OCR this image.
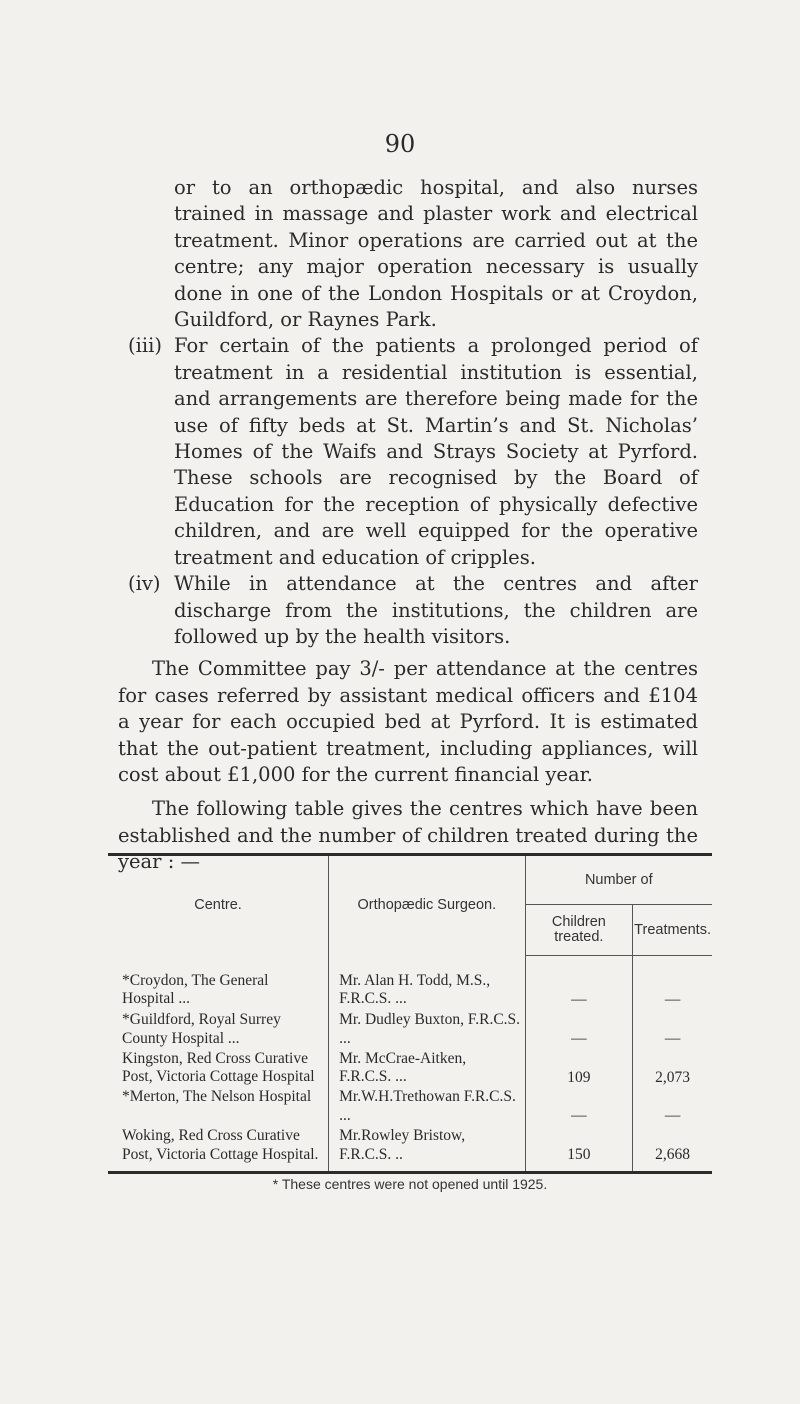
90

or to an orthopædic hospital, and also nurses trained in massage and plaster work and electrical treatment. Minor operations are carried out at the centre; any major operation necessary is usually done in one of the London Hospitals or at Croydon, Guildford, or Raynes Park.

(iii) For certain of the patients a prolonged period of treatment in a residential institution is essential, and arrangements are therefore being made for the use of fifty beds at St. Martin’s and St. Nicholas’ Homes of the Waifs and Strays Society at Pyrford. These schools are recognised by the Board of Education for the reception of physically defective children, and are well equipped for the operative treatment and education of cripples.

(iv) While in attendance at the centres and after discharge from the institutions, the children are followed up by the health visitors.

The Committee pay 3/- per attendance at the centres for cases referred by assistant medical officers and £104 a year for each occupied bed at Pyrford. It is estimated that the out-patient treatment, including appliances, will cost about £1,000 for the current financial year.

The following table gives the centres which have been established and the number of children treated during the year : —

Centre.	Orthopædic Surgeon.	Number of	
		Children treated.	Treatments.
*Croydon, The General Hospital ...	Mr. Alan H. Todd, M.S., F.R.C.S. ...	—	—

*Guildford, Royal Surrey County Hospital ...	Mr. Dudley Buxton, F.R.C.S. ...	—	—

Kingston, Red Cross Curative Post, Victoria Cottage Hospital	Mr. McCrae-Aitken, F.R.C.S. ...	109	2,073

*Merton, The Nelson Hospital	Mr.W.H.Trethowan F.R.C.S. ...	—	—

Woking, Red Cross Curative Post, Victoria Cottage Hospital.	Mr.Rowley Bristow, F.R.C.S. ..	150	2,668
* These centres were not opened until 1925.
